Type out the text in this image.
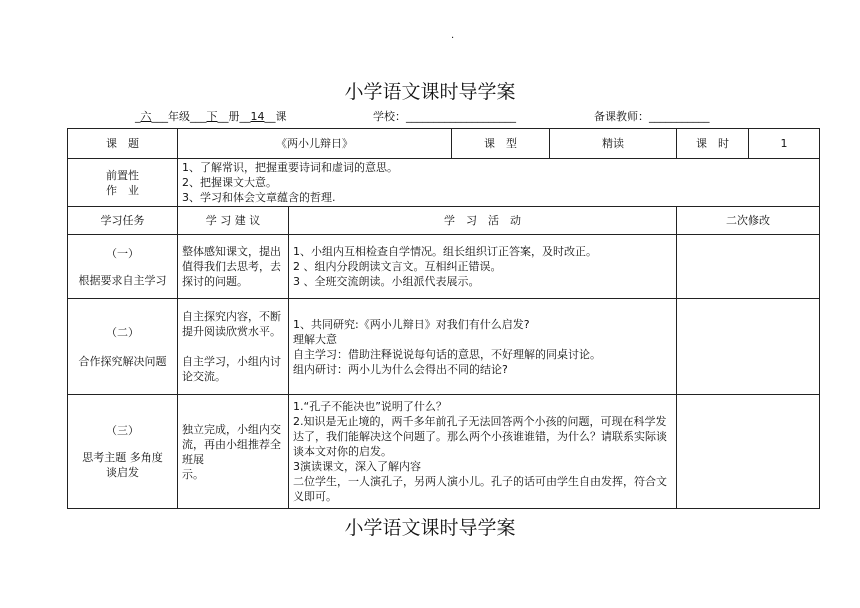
.
小学语文课时导学案
_六___年级___下__册__14__课	学校：____________________	备课教师：___________
课　题	《两小儿辩日》		课　型	精读	课　时	1

前置性
作　业	1、了解常识，把握重要诗词和虚词的意思。
2、把握课文大意。
3、学习和体会文章蕴含的哲理.					

学习任务	学 习 建 议	学　习　活　动			二次修改	

（一）
根据要求自主学习	整体感知课文，提出值得我们去思考，去探讨的问题。	1、小组内互相检查自学情况。组长组织订正答案，及时改正。
2 、组内分段朗读文言文。互相纠正错误。
3 、全班交流朗读。小组派代表展示。				

（二）
合作探究解决问题	自主探究内容，不断提升阅读欣赏水平。
自主学习，小组内讨论交流。	1、共同研究:《两小儿辩日》对我们有什么启发?
理解大意
自主学习：借助注释说说每句话的意思，不好理解的同桌讨论。
组内研讨：两小儿为什么会得出不同的结论?				

（三）
思考主题 多角度
谈启发	独立完成，小组内交流，再由小组推荐全班展
示。	1.“孔子不能决也”说明了什么？
2.知识是无止境的，两千多年前孔子无法回答两个小孩的问题，可现在科学发达了，我们能解决这个问题了。那么两个小孩谁谁错，为什么？请联系实际谈谈本文对你的启发。
3演读课文，深入了解内容
二位学生，一人演孔子，另两人演小儿。孔子的话可由学生自由发挥，符合文义即可。				

小学语文课时导学案
